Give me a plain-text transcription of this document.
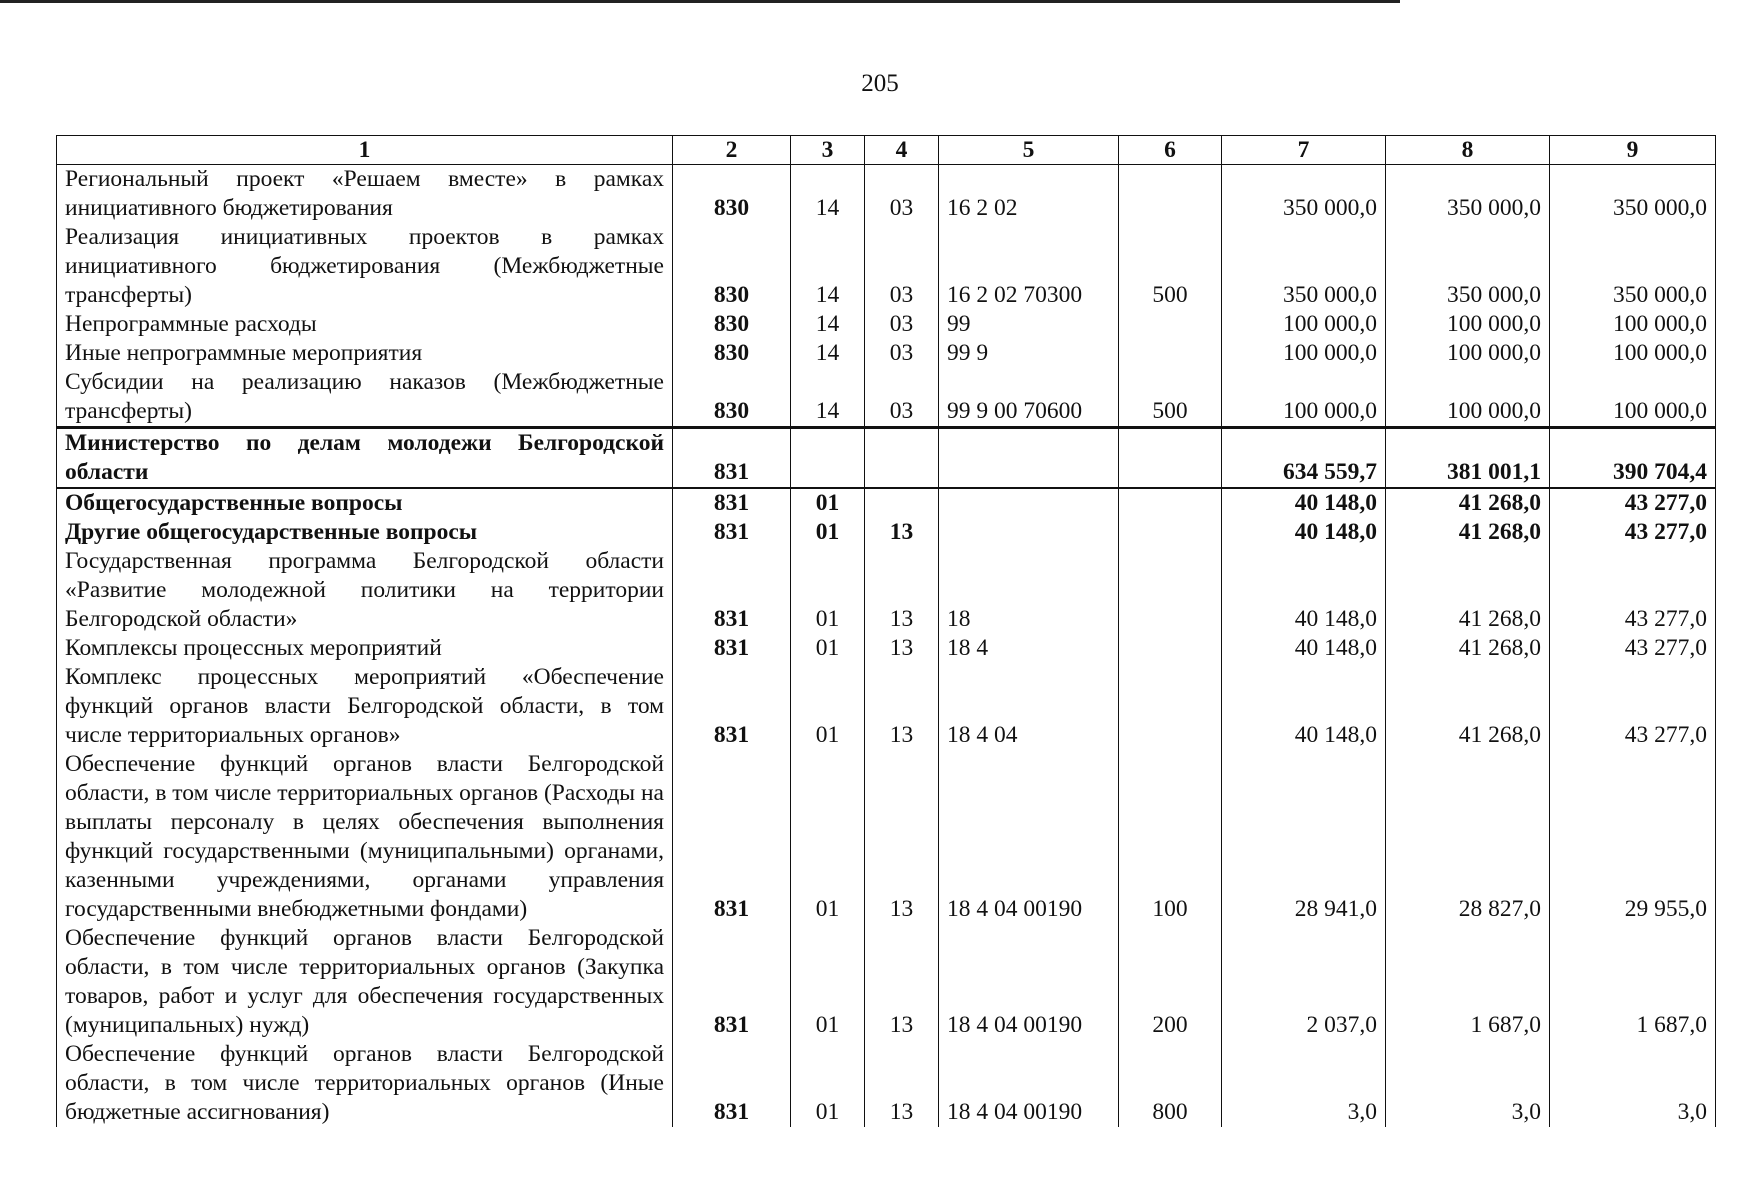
205
1	2	3	4	5	6	7	8	9
Региональный проект «Решаем вместе» в рамках инициативного бюджетирования	830	14	03	16 2 02		350 000,0	350 000,0	350 000,0
Реализация инициативных проектов в рамках инициативного бюджетирования (Межбюджетные трансферты)	830	14	03	16 2 02 70300	500	350 000,0	350 000,0	350 000,0
Непрограммные расходы	830	14	03	99		100 000,0	100 000,0	100 000,0
Иные непрограммные мероприятия	830	14	03	99 9		100 000,0	100 000,0	100 000,0
Субсидии на реализацию наказов (Межбюджетные трансферты)	830	14	03	99 9 00 70600	500	100 000,0	100 000,0	100 000,0
Министерство по делам молодежи Белгородской области	831					634 559,7	381 001,1	390 704,4
Общегосударственные вопросы	831	01				40 148,0	41 268,0	43 277,0
Другие общегосударственные вопросы	831	01	13			40 148,0	41 268,0	43 277,0
Государственная программа Белгородской области «Развитие молодежной политики на территории Белгородской области»	831	01	13	18		40 148,0	41 268,0	43 277,0
Комплексы процессных мероприятий	831	01	13	18 4		40 148,0	41 268,0	43 277,0
Комплекс процессных мероприятий «Обеспечение функций органов власти Белгородской области, в том числе территориальных органов»	831	01	13	18 4 04		40 148,0	41 268,0	43 277,0
Обеспечение функций органов власти Белгородской области, в том числе территориальных органов (Расходы на выплаты персоналу в целях обеспечения выполнения функций государственными (муниципальными) органами, казенными учреждениями, органами управления государственными внебюджетными фондами)	831	01	13	18 4 04 00190	100	28 941,0	28 827,0	29 955,0
Обеспечение функций органов власти Белгородской области, в том числе территориальных органов (Закупка товаров, работ и услуг для обеспечения государственных (муниципальных) нужд)	831	01	13	18 4 04 00190	200	2 037,0	1 687,0	1 687,0
Обеспечение функций органов власти Белгородской области, в том числе территориальных органов (Иные бюджетные ассигнования)	831	01	13	18 4 04 00190	800	3,0	3,0	3,0
